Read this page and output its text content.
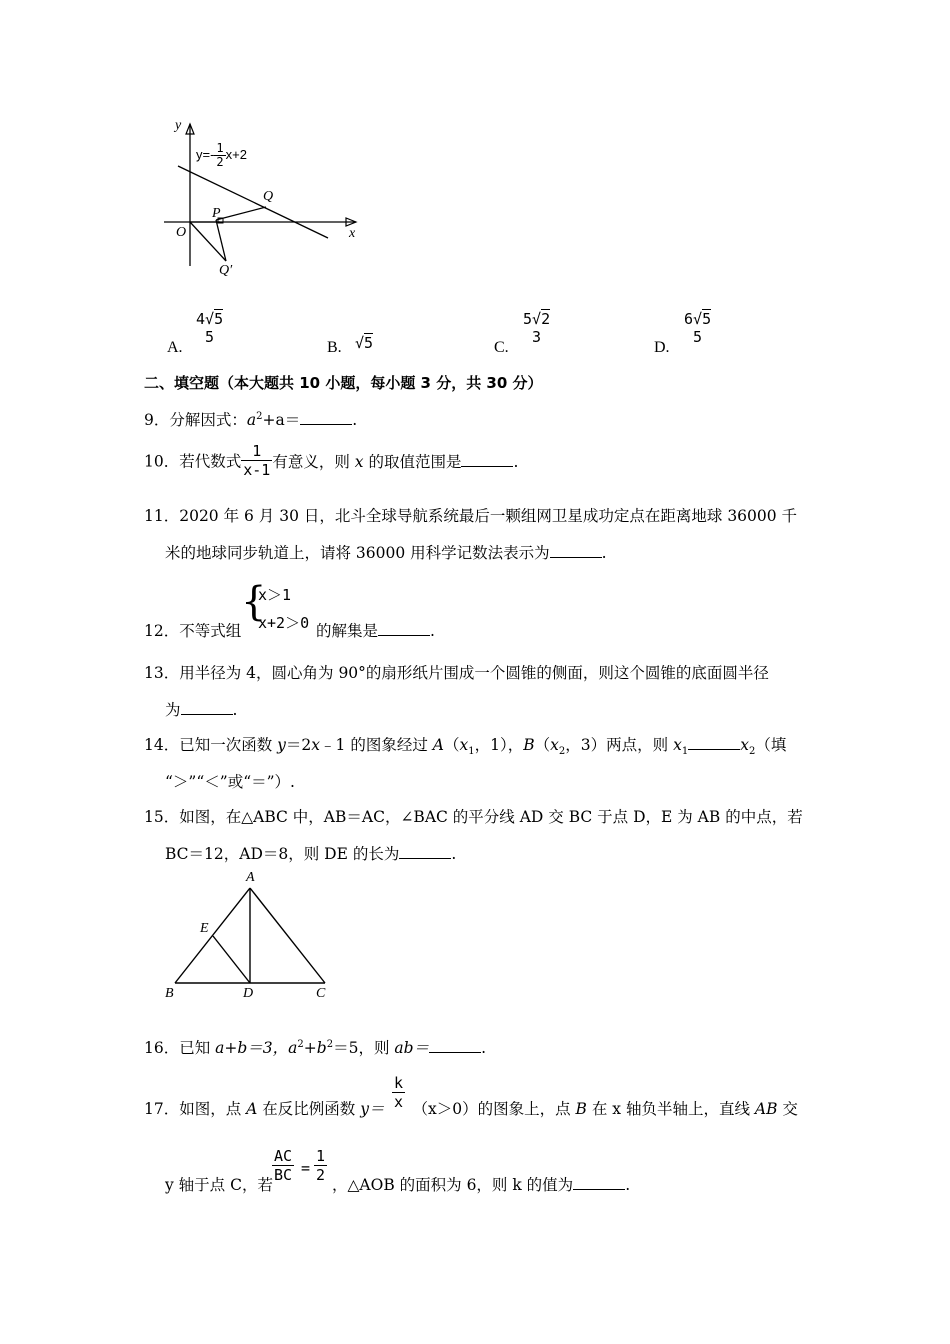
y
x
O
P
Q
Q′
$y=- \frac{1}{2} x+2$
A.
4√5
5
B. √5	C.
5√2
3
D.
6√5
5
二、填空题（本大题共 10 小题，每小题 3 分，共 30 分）
9．分解因式：$a^2+a=$	.
10．若代数式 $\frac{1}{x-1}$ 有意义，则 x 的取值范围是	.
11．2020 年 6 月 30 日，北斗全球导航系统最后一颗组网卫星成功定点在距离地球 36000 千
米的地球同步轨道上，请将 36000 用科学记数法表示为	.
12．不等式组
{
x＞1
x+2＞0 的解集是	.
13．用半径为 4，圆心角为 90°的扇形纸片围成一个圆锥的侧面，则这个圆锥的底面圆半径
为	.
14．已知一次函数 y＝2x﹣1 的图象经过 $A(x_1$，1），$B(x_2$，3）两点，则 $x_1$	$x_2$（填
“＞”“＜”或“＝”）.
15．如图，在△ABC 中，AB＝AC，∠BAC 的平分线 AD 交 BC 于点 D，E 为 AB 的中点，若
BC＝12，AD＝8，则 DE 的长为	.
A
E
B	D	C
16．已知 a+b＝3，$a^2+b^2=5$，则 ab＝	.
17．如图，点 A 在反比例函数 y＝ （x＞0）的图象上，点 B 在 x 轴负半轴上，直线 AB 交
$\frac{k}{x}$
y 轴于点 C，若
$\frac{AC}{BC} = \frac{1}{2}$
，△AOB 的面积为 6，则 k 的值为	.
